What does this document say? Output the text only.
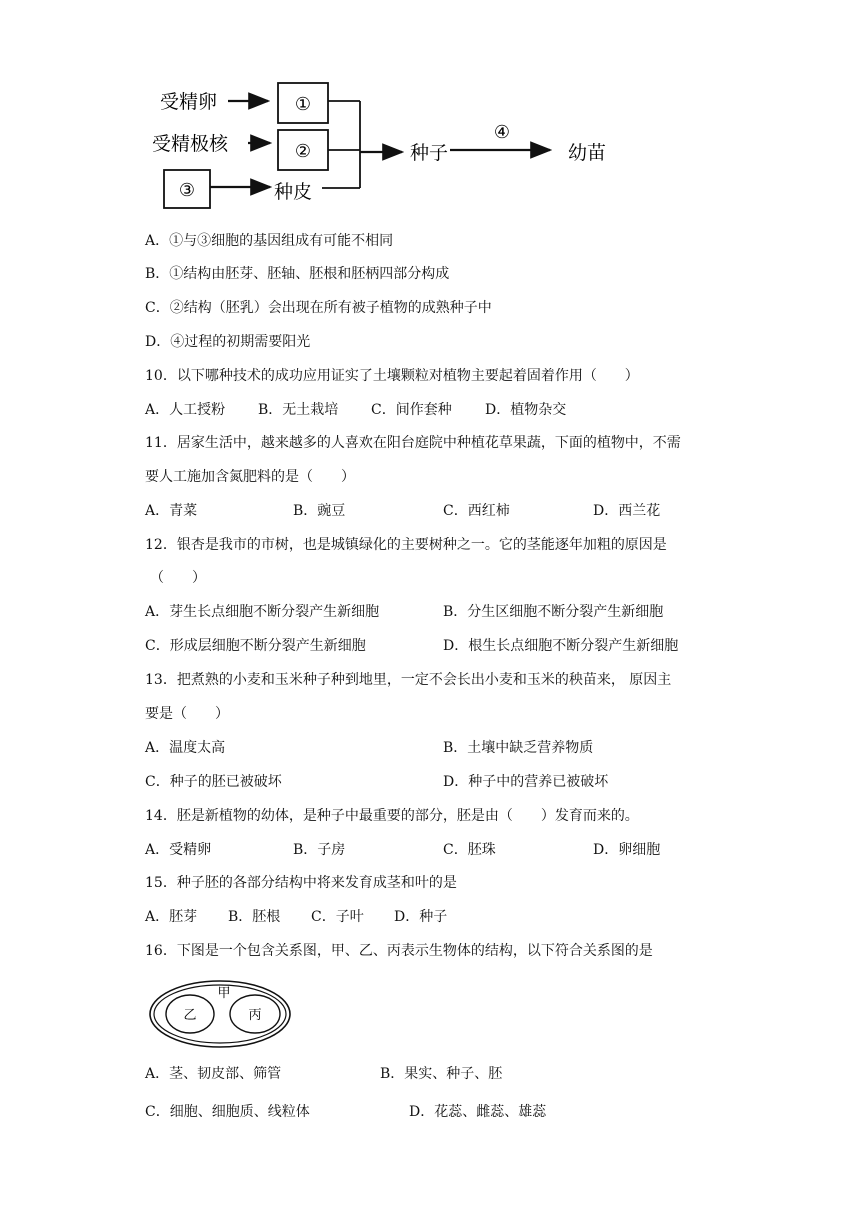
受精卵	①
受精极核	②
③	种皮
种子
④
幼苗
A．①与③细胞的基因组成有可能不相同
B．①结构由胚芽、胚轴、胚根和胚柄四部分构成
C．②结构（胚乳）会出现在所有被子植物的成熟种子中
D．④过程的初期需要阳光
10．以下哪种技术的成功应用证实了土壤颗粒对植物主要起着固着作用（　　）
A．人工授粉 B．无土栽培 C．间作套种 D．植物杂交
11．居家生活中，越来越多的人喜欢在阳台庭院中种植花草果蔬，下面的植物中，不需
要人工施加含氮肥料的是（　　）
A．青菜	B．豌豆	C．西红柿	D．西兰花
12．银杏是我市的市树，也是城镇绿化的主要树种之一。它的茎能逐年加粗的原因是
（　　）
A．芽生长点细胞不断分裂产生新细胞	B．分生区细胞不断分裂产生新细胞
C．形成层细胞不断分裂产生新细胞	D．根生长点细胞不断分裂产生新细胞
13．把煮熟的小麦和玉米种子种到地里，一定不会长出小麦和玉米的秧苗来， 原因主
要是（　　）
A．温度太高	B．土壤中缺乏营养物质
C．种子的胚已被破坏	D．种子中的营养已被破坏
14．胚是新植物的幼体，是种子中最重要的部分，胚是由（　　）发育而来的。
A．受精卵	B．子房	C．胚珠	D．卵细胞
15．种子胚的各部分结构中将来发育成茎和叶的是
A．胚芽 B．胚根 C．子叶 D．种子
16．下图是一个包含关系图，甲、乙、丙表示生物体的结构，以下符合关系图的是
甲
乙	丙
A．茎、韧皮部、筛管	B．果实、种子、胚
C．细胞、细胞质、线粒体	D．花蕊、雌蕊、雄蕊
